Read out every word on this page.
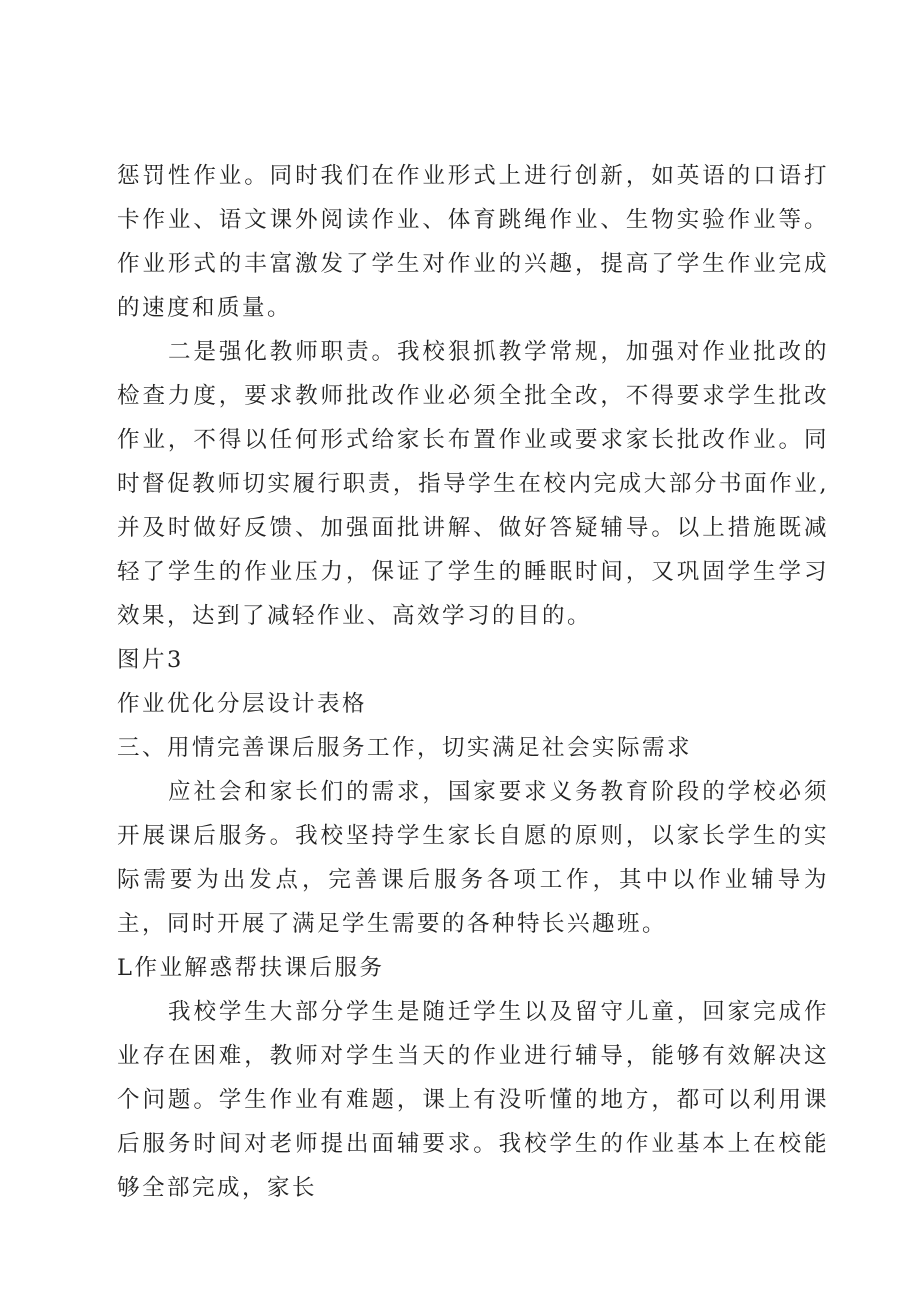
惩罚性作业。同时我们在作业形式上进行创新，如英语的口语打卡作业、语文课外阅读作业、体育跳绳作业、生物实验作业等。作业形式的丰富激发了学生对作业的兴趣，提高了学生作业完成的速度和质量。

二是强化教师职责。我校狠抓教学常规，加强对作业批改的检查力度，要求教师批改作业必须全批全改，不得要求学生批改作业，不得以任何形式给家长布置作业或要求家长批改作业。同时督促教师切实履行职责，指导学生在校内完成大部分书面作业,并及时做好反馈、加强面批讲解、做好答疑辅导。以上措施既减轻了学生的作业压力，保证了学生的睡眠时间，又巩固学生学习效果，达到了减轻作业、高效学习的目的。

图片3

作业优化分层设计表格

三、用情完善课后服务工作，切实满足社会实际需求

应社会和家长们的需求，国家要求义务教育阶段的学校必须开展课后服务。我校坚持学生家长自愿的原则，以家长学生的实际需要为出发点，完善课后服务各项工作，其中以作业辅导为主，同时开展了满足学生需要的各种特长兴趣班。

L作业解惑帮扶课后服务

我校学生大部分学生是随迁学生以及留守儿童，回家完成作业存在困难，教师对学生当天的作业进行辅导，能够有效解决这个问题。学生作业有难题，课上有没听懂的地方，都可以利用课后服务时间对老师提出面辅要求。我校学生的作业基本上在校能够全部完成，家长
